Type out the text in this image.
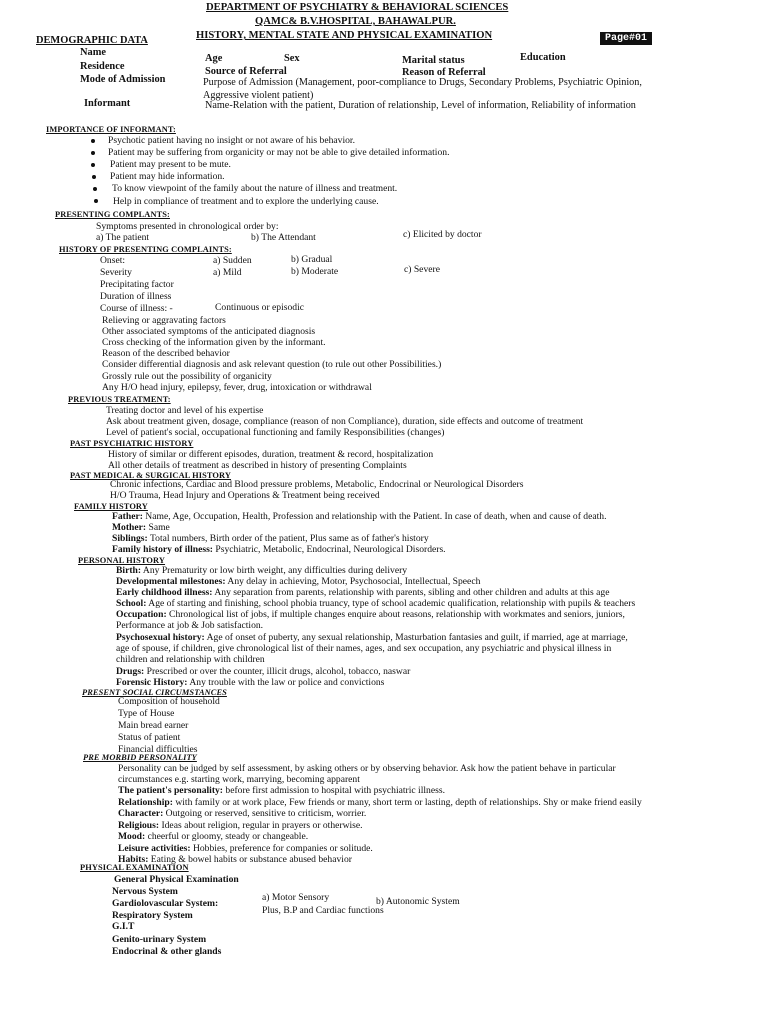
DEPARTMENT OF PSYCHIATRY & BEHAVIORAL SCIENCES
QAMC& B.V.HOSPITAL, BAHAWALPUR.
HISTORY, MENTAL STATE AND PHYSICAL EXAMINATION	Page#01
DEMOGRAPHIC DATA
Name
Residence
Mode of Admission
Informant
Age	Sex	Marital status	Education
Source of Referral	Reason of Referral
Purpose of Admission (Management, poor-compliance to Drugs, Secondary Problems, Psychiatric Opinion,
Aggressive violent patient)
Name-Relation with the patient, Duration of relationship, Level of information, Reliability of information
IMPORTANCE OF INFORMANT:
Psychotic patient having no insight or not aware of his behavior.
Patient may be suffering from organicity or may not be able to give detailed information.
Patient may present to be mute.
Patient may hide information.
To know viewpoint of the family about the nature of illness and treatment.
Help in compliance of treatment and to explore the underlying cause.
PRESENTING COMPLANTS:
Symptoms presented in chronological order by:
a) The patient	b) The Attendant	c) Elicited by doctor
HISTORY OF PRESENTING COMPLAINTS:
Onset:	a) Sudden	b) Gradual
Severity	a) Mild	b) Moderate	c) Severe
Precipitating factor
Duration of illness
Course of illness: -	Continuous or episodic
Relieving or aggravating factors
Other associated symptoms of the anticipated diagnosis
Cross checking of the information given by the informant.
Reason of the described behavior
Consider differential diagnosis and ask relevant question (to rule out other Possibilities.)
Grossly rule out the possibility of organicity
Any H/O head injury, epilepsy, fever, drug, intoxication or withdrawal
PREVIOUS TREATMENT:
Treating doctor and level of his expertise
Ask about treatment given, dosage, compliance (reason of non Compliance), duration, side effects and outcome of treatment
Level of patient's social, occupational functioning and family Responsibilities (changes)
PAST PSYCHIATRIC HISTORY
History of similar or different episodes, duration, treatment & record, hospitalization
All other details of treatment as described in history of presenting Complaints
PAST MEDICAL & SURGICAL HISTORY
Chronic infections, Cardiac and Blood pressure problems, Metabolic, Endocrinal or Neurological Disorders
H/O Trauma, Head Injury and Operations & Treatment being received
FAMILY HISTORY
Father: Name, Age, Occupation, Health, Profession and relationship with the Patient. In case of death, when and cause of death.
Mother: Same
Siblings: Total numbers, Birth order of the patient, Plus same as of father's history
Family history of illness: Psychiatric, Metabolic, Endocrinal, Neurological Disorders.
PERSONAL HISTORY
Birth: Any Prematurity or low birth weight, any difficulties during delivery
Developmental milestones: Any delay in achieving, Motor, Psychosocial, Intellectual, Speech
Early childhood illness: Any separation from parents, relationship with parents, sibling and other children and adults at this age
School: Age of starting and finishing, school phobia truancy, type of school academic qualification, relationship with pupils & teachers
Occupation: Chronological list of jobs, if multiple changes enquire about reasons, relationship with workmates and seniors, juniors,
Performance at job & Job satisfaction.
Psychosexual history: Age of onset of puberty, any sexual relationship, Masturbation fantasies and guilt, if married, age at marriage,
age of spouse, if children, give chronological list of their names, ages, and sex occupation, any psychiatric and physical illness in
children and relationship with children
Drugs: Prescribed or over the counter, illicit drugs, alcohol, tobacco, naswar
Forensic History: Any trouble with the law or police and convictions
PRESENT SOCIAL CIRCUMSTANCES
Composition of household
Type of House
Main bread earner
Status of patient
Financial difficulties
PRE MORBID PERSONALITY
Personality can be judged by self assessment, by asking others or by observing behavior. Ask how the patient behave in particular
circumstances e.g. starting work, marrying, becoming apparent
The patient's personality: before first admission to hospital with psychiatric illness.
Relationship: with family or at work place, Few friends or many, short term or lasting, depth of relationships. Shy or make friend easily
Character: Outgoing or reserved, sensitive to criticism, worrier.
Religious: Ideas about religion, regular in prayers or otherwise.
Mood: cheerful or gloomy, steady or changeable.
Leisure activities: Hobbies, preference for companies or solitude.
Habits: Eating & bowel habits or substance abused behavior
PHYSICAL EXAMINATION
General Physical Examination
Nervous System
Gardiolovascular System:
Respiratory System
G.I.T
Genito-urinary System
Endocrinal & other glands
a) Motor Sensory	b) Autonomic System
Plus, B.P and Cardiac functions
